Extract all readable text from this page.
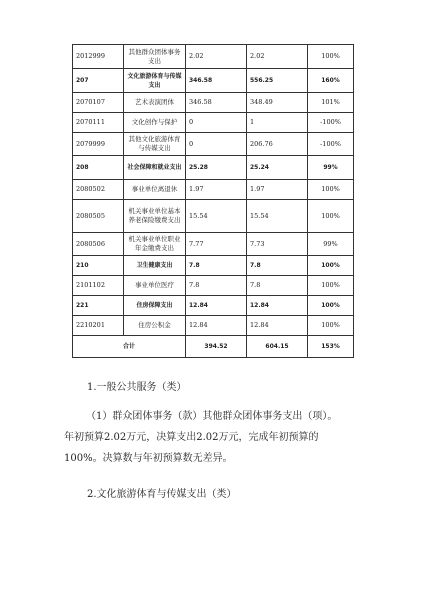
2012999	其他群众团体事务支出	2.02	2.02	100%
207	文化旅游体育与传媒支出	346.58	556.25	160%
2070107	艺术表演团体	346.58	348.49	101%
2070111	文化创作与保护	0	1	-100%
2079999	其他文化旅游体育与传媒支出	0	206.76	-100%
208	社会保障和就业支出	25.28	25.24	99%
2080502	事业单位离退休	1.97	1.97	100%
2080505	机关事业单位基本养老保险缴费支出	15.54	15.54	100%
2080506	机关事业单位职业年金缴费支出	7.77	7.73	99%
210	卫生健康支出	7.8	7.8	100%
2101102	事业单位医疗	7.8	7.8	100%
221	住房保障支出	12.84	12.84	100%
2210201	住房公积金	12.84	12.84	100%
合计		394.52	604.15	153%

1.一般公共服务（类）

（1）群众团体事务（款）其他群众团体事务支出（项）。
年初预算2.02万元，决算支出2.02万元，完成年初预算的
100%。决算数与年初预算数无差异。

2.文化旅游体育与传媒支出（类）
